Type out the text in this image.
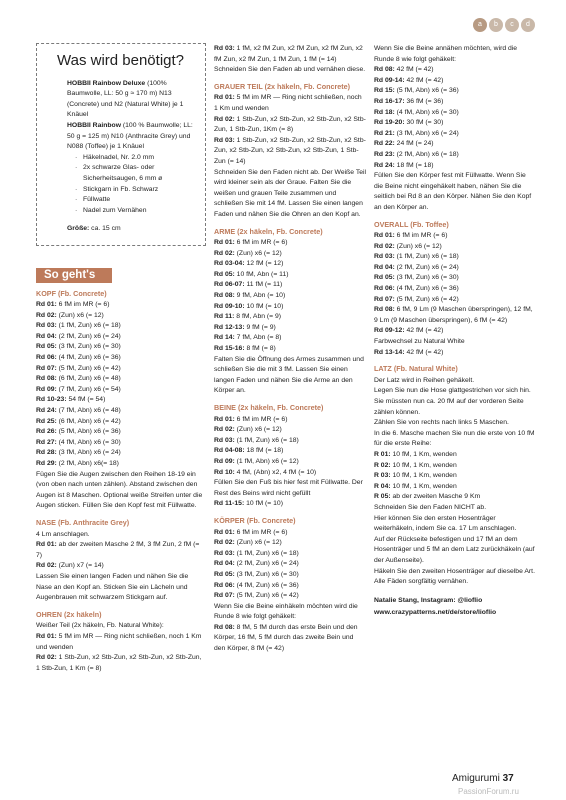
a	b	c	d
Was wird benötigt?

HOBBII Rainbow Deluxe (100% Baumwolle, LL: 50 g ≈ 170 m) N13 (Concrete) und N2 (Natural White) je 1 Knäuel

HOBBII Rainbow (100 % Baumwolle; LL: 50 g = 125 m) N10 (Anthracite Grey) und N088 (Toffee) je 1 Knäuel

· Häkelnadel, Nr. 2.0 mm
· 2x schwarze Glas- oder Sicherheitsaugen, 6 mm ø
· Stickgarn in Fb. Schwarz
· Füllwatte
· Nadel zum Vernähen

Größe: ca. 15 cm

So geht's

KOPF (Fb. Concrete)

Rd 01: 6 fM im MR (= 6)

Rd 02: (Zun) x6 (= 12)

Rd 03: (1 fM, Zun) x6 (= 18)

Rd 04: (2 fM, Zun) x6 (= 24)

Rd 05: (3 fM, Zun) x6 (= 30)

Rd 06: (4 fM, Zun) x6 (= 36)

Rd 07: (5 fM, Zun) x6 (= 42)

Rd 08: (6 fM, Zun) x6 (= 48)

Rd 09: (7 fM, Zun) x6 (= 54)

Rd 10-23: 54 fM (= 54)

Rd 24: (7 fM, Abn) x6 (= 48)

Rd 25: (6 fM, Abn) x6 (= 42)

Rd 26: (5 fM, Abn) x6 (= 36)

Rd 27: (4 fM, Abn) x6 (= 30)

Rd 28: (3 fM, Abn) x6 (= 24)

Rd 29: (2 fM, Abn) x6(= 18)

Fügen Sie die Augen zwischen den Reihen 18-19 ein (von oben nach unten zählen). Abstand zwischen den Augen ist 8 Maschen. Optional weiße Streifen unter die Augen sticken. Füllen Sie den Kopf fest mit Füllwatte.

NASE (Fb. Anthracite Grey)

4 Lm anschlagen.

Rd 01: ab der zweiten Masche 2 fM, 3 fM Zun, 2 fM (= 7)

Rd 02: (Zun) x7 (= 14)

Lassen Sie einen langen Faden und nähen Sie die Nase an den Kopf an. Sticken Sie ein Lächeln und Augenbrauen mit schwarzem Stickgarn auf.

OHREN (2x häkeln)

Weißer Teil (2x häkeln, Fb. Natural White):

Rd 01: 5 fM im MR — Ring nicht schließen, noch 1 Km und wenden

Rd 02: 1 Stb-Zun, x2 Stb-Zun, x2 Stb-Zun, x2 Stb-Zun, 1 Stb-Zun, 1 Km (= 8)

Rd 03: 1 fM, x2 fM Zun, x2 fM Zun, x2 fM Zun, x2 fM Zun, x2 fM Zun, 1 fM Zun, 1 fM (= 14)

Schneiden Sie den Faden ab und vernähen diese.

GRAUER TEIL (2x häkeln, Fb. Concrete)

Rd 01: 5 fM im MR — Ring nicht schließen, noch 1 Km und wenden

Rd 02: 1 Stb-Zun, x2 Stb-Zun, x2 Stb-Zun, x2 Stb-Zun, 1 Stb-Zun, 1Km (= 8)

Rd 03: 1 Stb-Zun, x2 Stb-Zun, x2 Stb-Zun, x2 Stb-Zun, x2 Stb-Zun, x2 Stb-Zun, x2 Stb-Zun, 1 Stb-Zun (= 14)

Schneiden Sie den Faden nicht ab. Der Weiße Teil wird kleiner sein als der Graue. Falten Sie die weißen und grauen Teile zusammen und schließen Sie mit 14 fM. Lassen Sie einen langen Faden und nähen Sie die Ohren an den Kopf an.

ARME (2x häkeln, Fb. Concrete)

Rd 01: 6 fM im MR (= 6)

Rd 02: (Zun) x6 (= 12)

Rd 03-04: 12 fM (= 12)

Rd 05: 10 fM, Abn (= 11)

Rd 06-07: 11 fM (= 11)

Rd 08: 9 fM, Abn (= 10)

Rd 09-10: 10 fM (= 10)

Rd 11: 8 fM, Abn (= 9)

Rd 12-13: 9 fM (= 9)

Rd 14: 7 fM, Abn (= 8)

Rd 15-16: 8 fM (= 8)

Falten Sie die Öffnung des Armes zusammen und schließen Sie die mit 3 fM. Lassen Sie einen langen Faden und nähen Sie die Arme an den Körper an.

BEINE (2x häkeln, Fb. Concrete)

Rd 01: 6 fM im MR (= 6)

Rd 02: (Zun) x6 (= 12)

Rd 03: (1 fM, Zun) x6 (= 18)

Rd 04-08: 18 fM (= 18)

Rd 09: (1 fM, Abn) x6 (= 12)

Rd 10: 4 fM, (Abn) x2, 4 fM (= 10)

Füllen Sie den Fuß bis hier fest mit Füllwatte. Der Rest des Beins wird nicht gefüllt

Rd 11-15: 10 fM (= 10)

KÖRPER (Fb. Concrete)

Rd 01: 6 fM im MR (= 6)

Rd 02: (Zun) x6 (= 12)

Rd 03: (1 fM, Zun) x6 (= 18)

Rd 04: (2 fM, Zun) x6 (= 24)

Rd 05: (3 fM, Zun) x6 (= 30)

Rd 06: (4 fM, Zun) x6 (= 36)

Rd 07: (5 fM, Zun) x6 (= 42)

Wenn Sie die Beine einhäkeln möchten wird die Runde 8 wie folgt gehäkelt:

Rd 08: 8 fM, 5 fM durch das erste Bein und den Körper, 16 fM, 5 fM durch das zweite Bein und den Körper, 8 fM (= 42)

Wenn Sie die Beine annähen möchten, wird die Runde 8 wie folgt gehäkelt:

Rd 08: 42 fM (= 42)

Rd 09-14: 42 fM (= 42)

Rd 15: (5 fM, Abn) x6 (= 36)

Rd 16-17: 36 fM (= 36)

Rd 18: (4 fM, Abn) x6 (= 30)

Rd 19-20: 30 fM (= 30)

Rd 21: (3 fM, Abn) x6 (= 24)

Rd 22: 24 fM (= 24)

Rd 23: (2 fM, Abn) x6 (= 18)

Rd 24: 18 fM (= 18)

Füllen Sie den Körper fest mit Füllwatte. Wenn Sie die Beine nicht eingehäkelt haben, nähen Sie die seitlich bei Rd 8 an den Körper. Nähen Sie den Kopf an den Körper an.

OVERALL (Fb. Toffee)

Rd 01: 6 fM im MR (= 6)

Rd 02: (Zun) x6 (= 12)

Rd 03: (1 fM, Zun) x6 (= 18)

Rd 04: (2 fM, Zun) x6 (= 24)

Rd 05: (3 fM, Zun) x6 (= 30)

Rd 06: (4 fM, Zun) x6 (= 36)

Rd 07: (5 fM, Zun) x6 (= 42)

Rd 08: 6 fM, 9 Lm (9 Maschen überspringen), 12 fM, 9 Lm (9 Maschen überspringen), 6 fM (= 42)

Rd 09-12: 42 fM (= 42)

Farbwechsel zu Natural White

Rd 13-14: 42 fM (= 42)

LATZ (Fb. Natural White)

Der Latz wird in Reihen gehäkelt.

Legen Sie nun die Hose glattgestrichen vor sich hin. Sie müssten nun ca. 20 fM auf der vorderen Seite zählen können.

Zählen Sie von rechts nach links 5 Maschen.

In die 6. Masche machen Sie nun die erste von 10 fM für die erste Reihe:

R 01: 10 fM, 1 Km, wenden

R 02: 10 fM, 1 Km, wenden

R 03: 10 fM, 1 Km, wenden

R 04: 10 fM, 1 Km, wenden

R 05: ab der zweiten Masche 9 Km

Schneiden Sie den Faden NICHT ab.

Hier können Sie den ersten Hosenträger weiterhäkeln, indem Sie ca. 17 Lm anschlagen.

Auf der Rückseite befestigen und 17 fM an dem Hosenträger und 5 fM an dem Latz zurückhäkeln (auf der Außenseite).

Häkeln Sie den zweiten Hosenträger auf dieselbe Art.

Alle Fäden sorgfältig vernähen.

Natalie Stang, Instagram: @lioflio

www.crazypatterns.net/de/store/lioflio

Amigurumi 37
PassionForum.ru
